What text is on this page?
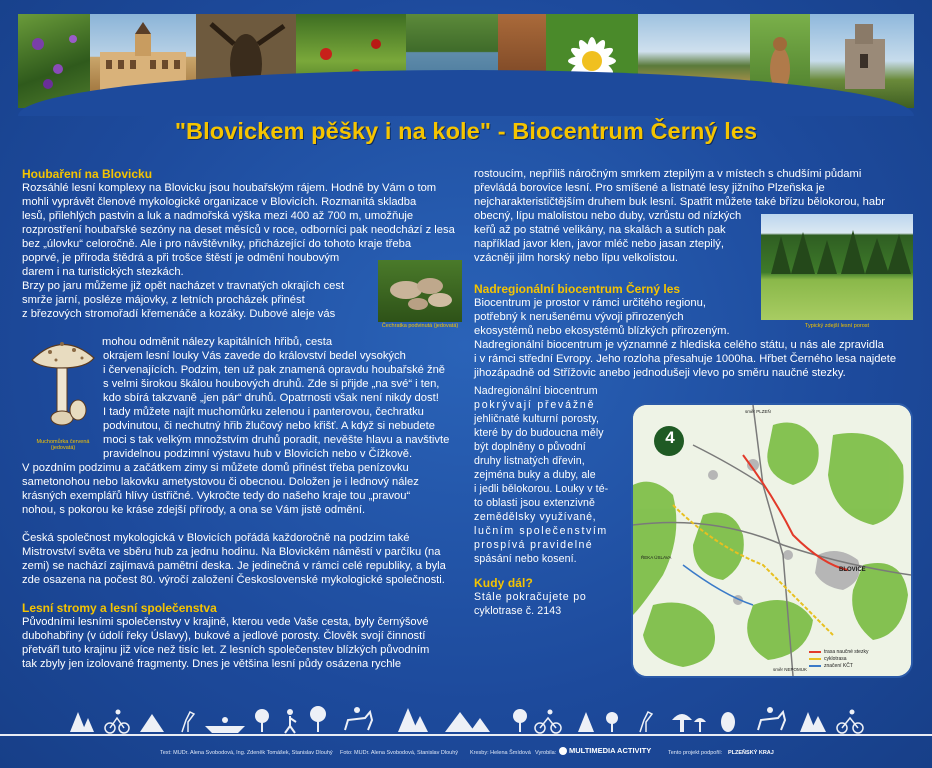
"Blovickem pěšky i na kole" - Biocentrum Černý les
Houbaření na Blovicku
Rozsáhlé lesní komplexy na Blovicku jsou houbařským rájem. Hodně by Vám o tom
mohli vyprávět členové mykologické organizace v Blovicích. Rozmanitá skladba
lesů, přilehlých pastvin a luk a nadmořská výška mezi 400 až 700 m, umožňuje
rozprostření houbařské sezóny na deset měsíců v roce, odborníci pak neodchází z lesa
bez „úlovku“ celoročně. Ale i pro návštěvníky, přicházející do tohoto kraje třeba
poprvé, je příroda štědrá a při trošce štěstí je odmění houbovým
darem i na turistických stezkách.
Brzy po jaru můžeme již opět nacházet v travnatých okrajích cest
smrže jarní, posléze májovky, z letních procházek přinést
z březových stromořadí křemenáče a kozáky. Dubové aleje vás
Čechratka podvinutá (jedovatá)
Muchomůrka červená
(jedovatá)
mohou odměnit nálezy kapitálních hřibů, cesta
okrajem lesní louky Vás zavede do království bedel vysokých
i červenajících. Podzim, ten už pak znamená opravdu houbařské žně
s velmi širokou škálou houbových druhů. Zde si přijde „na své“ i ten,
kdo sbírá takzvaně „jen pár“ druhů. Opatrnosti však není nikdy dost!
I tady můžete najít muchomůrku zelenou i panterovou, čechratku
podvinutou, či nechutný hřib žlučový nebo křišť. A když si nebudete
moci s tak velkým množstvím druhů poradit, nevěšte hlavu a navštivte
pravidelnou podzimní výstavu hub v Blovicích nebo v Čížkově.
V pozdním podzimu a začátkem zimy si můžete domů přinést třeba penízovku
sametonohou nebo lakovku ametystovou či obecnou. Doložen je i lednový nález
krásných exemplářů hlívy ústřičné. Vykročte tedy do našeho kraje tou „pravou“
nohou, s pokorou ke kráse zdejší přírody, a ona se Vám jistě odmění.
Česká společnost mykologická v Blovicích pořádá každoročně na podzim také
Mistrovství světa ve sběru hub za jednu hodinu. Na Blovickém náměstí v parčíku (na
zemi) se nachází zajímavá pamětní deska. Je jedinečná v rámci celé republiky, a byla
zde osazena na počest 80. výročí založení Československé mykologické společnosti.
Lesní stromy a lesní společenstva
Původními lesními společenstvy v krajině, kterou vede Vaše cesta, byly černýšové
dubohabřiny (v údolí řeky Úslavy), bukové a jedlové porosty. Člověk svojí činností
přetvářl tuto krajinu již více než tisíc let. Z lesních společenstev blízkých původním
tak zbyly jen izolované fragmenty. Dnes je většina lesní půdy osázena rychle
rostoucím, nepříliš náročným smrkem ztepilým a v místech s chudšími půdami
převládá borovice lesní. Pro smíšené a listnaté lesy jižního Plzeňska je
nejcharakterističtějším druhem buk lesní. Spatřit můžete také břízu bělokorou, habr
obecný, lípu malolistou nebo duby, vzrůstu od nízkých
keřů až po statné velikány, na skalách a sutích pak
například javor klen, javor mléč nebo jasan ztepilý,
vzácněji jilm horský nebo lípu velkolistou.
Typický zdejší lesní porost
Nadregionální biocentrum Černý les
Biocentrum je prostor v rámci určitého regionu,
potřebný k nerušenému vývoji přirozených
ekosystémů nebo ekosystémů blízkých přirozeným.
Nadregionální biocentrum je významné z hlediska celého státu, u nás ale zpravidla
i v rámci střední Evropy. Jeho rozloha přesahuje 1000ha. Hřbet Černého lesa najdete
jihozápadně od Střížovic anebo jednodušeji vlevo po směru naučné stezky.
Nadregionální biocentrum
pokrývají převážně
jehličnaté kulturní porosty,
které by do budoucna měly
být doplněny o původní
druhy listnatých dřevin,
zejména buky a duby, ale
i jedli bělokorou. Louky v té-
to oblasti jsou extenzivně
zemědělsky využívané,
lučním společenstvím
prospívá pravidelné
spásání nebo kosení.
Kudy dál?
Stále pokračujete po
cyklotrase č. 2143
4
BLOVICE
ŘEKA ÚSLAVA
směr PLZEŇ
směr NEPOMUK
trasa naučné stezky
cyklotrasa
značení KČT
Text: MUDr. Alena Svobodová, Ing. Zdeněk Tomášek, Stanislav Dlouhý Foto: MUDr. Alena Svobodová, Stanislav Dlouhý Kresby: Helena Šmídová Vyrobila:	MULTIMEDIA ACTIVITY	Tento projekt podpořil: PLZEŇSKÝ KRAJ
